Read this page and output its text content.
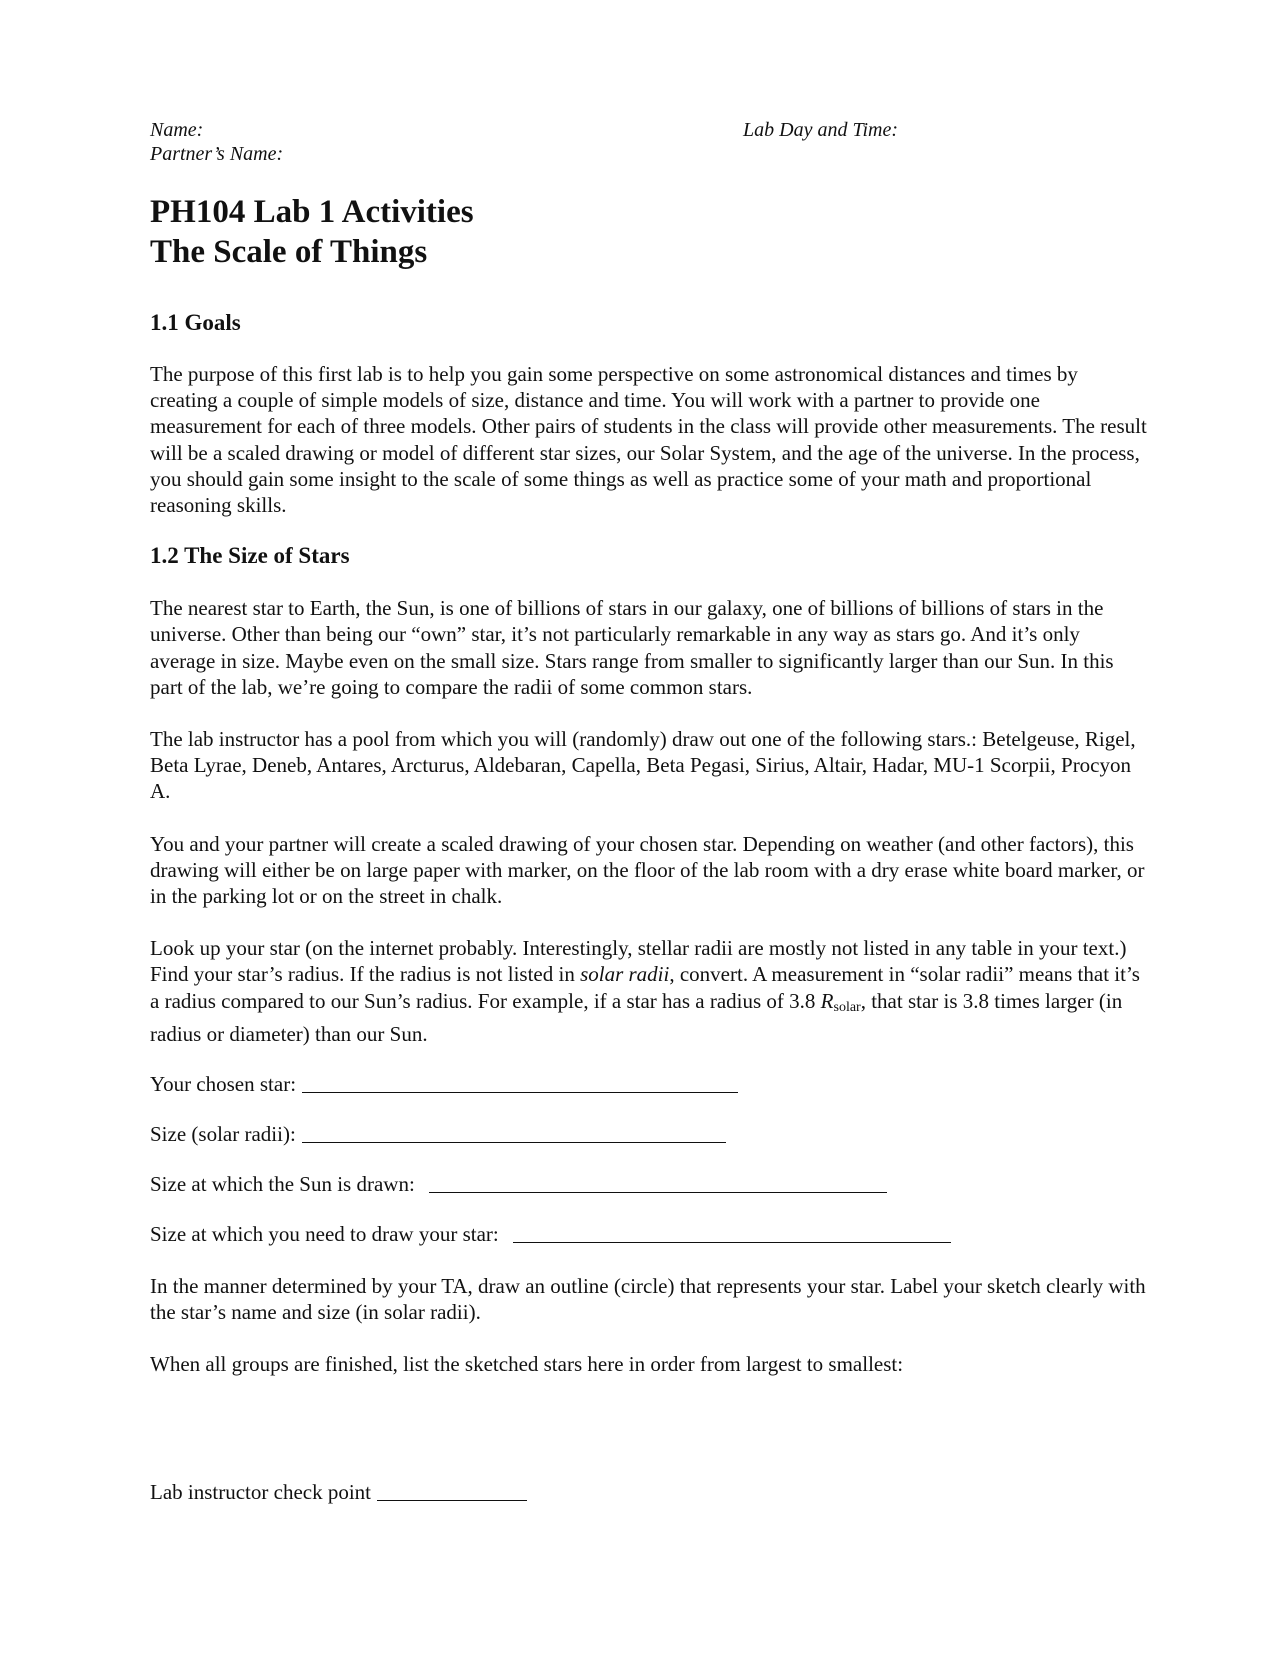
Name:
Partner’s Name:
Lab Day and Time:
PH104 Lab 1 Activities
The Scale of Things
1.1 Goals

The purpose of this first lab is to help you gain some perspective on some astronomical distances and times by creating a couple of simple models of size, distance and time. You will work with a partner to provide one measurement for each of three models. Other pairs of students in the class will provide other measurements. The result will be a scaled drawing or model of different star sizes, our Solar System, and the age of the universe. In the process, you should gain some insight to the scale of some things as well as practice some of your math and proportional reasoning skills.

1.2 The Size of Stars

The nearest star to Earth, the Sun, is one of billions of stars in our galaxy, one of billions of billions of stars in the universe. Other than being our “own” star, it’s not particularly remarkable in any way as stars go. And it’s only average in size. Maybe even on the small size. Stars range from smaller to significantly larger than our Sun. In this part of the lab, we’re going to compare the radii of some common stars.

The lab instructor has a pool from which you will (randomly) draw out one of the following stars.: Betelgeuse, Rigel, Beta Lyrae, Deneb, Antares, Arcturus, Aldebaran, Capella, Beta Pegasi, Sirius, Altair, Hadar, MU-1 Scorpii, Procyon A.

You and your partner will create a scaled drawing of your chosen star. Depending on weather (and other factors), this drawing will either be on large paper with marker, on the floor of the lab room with a dry erase white board marker, or in the parking lot or on the street in chalk.

Look up your star (on the internet probably. Interestingly, stellar radii are mostly not listed in any table in your text.) Find your star’s radius. If the radius is not listed in solar radii, convert. A measurement in “solar radii” means that it’s a radius compared to our Sun’s radius. For example, if a star has a radius of 3.8 $R_{solar}$, that star is 3.8 times larger (in radius or diameter) than our Sun.

Your chosen star:
Size (solar radii):
Size at which the Sun is drawn:
Size at which you need to draw your star:

In the manner determined by your TA, draw an outline (circle) that represents your star. Label your sketch clearly with the star’s name and size (in solar radii).

When all groups are finished, list the sketched stars here in order from largest to smallest:

Lab instructor check point
